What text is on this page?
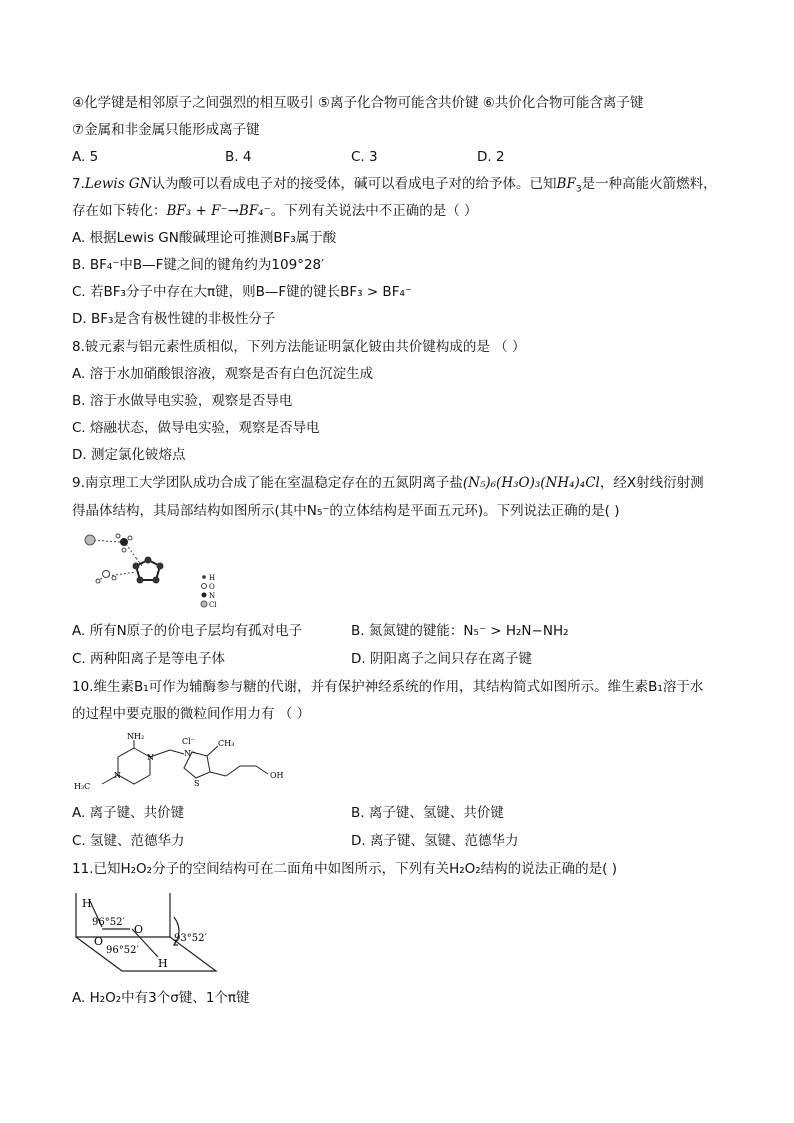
④化学键是相邻原子之间强烈的相互吸引 ⑤离子化合物可能含共价键 ⑥共价化合物可能含离子键
⑦金属和非金属只能形成离子键
A. 5	B. 4	C. 3	D. 2
7.Lewis GN认为酸可以看成电子对的接受体，碱可以看成电子对的给予体。已知$BF_3$是一种高能火箭燃料，
存在如下转化：BF₃ + F⁻→BF₄⁻。下列有关说法中不正确的是（ ）
A. 根据Lewis GN酸碱理论可推测BF₃属于酸
B. BF₄⁻中B—F键之间的键角约为109°28′
C. 若BF₃分子中存在大π键，则B—F键的键长BF₃ > BF₄⁻
D. BF₃是含有极性键的非极性分子
8.铍元素与铝元素性质相似，下列方法能证明氯化铍由共价键构成的是 （ ）
A. 溶于水加硝酸银溶液，观察是否有白色沉淀生成
B. 溶于水做导电实验，观察是否导电
C. 熔融状态，做导电实验，观察是否导电
D. 测定氯化铍熔点
9.南京理工大学团队成功合成了能在室温稳定存在的五氮阴离子盐(N₅)₆(H₃O)₃(NH₄)₄Cl，经X射线衍射测
得晶体结构，其局部结构如图所示(其中N₅⁻的立体结构是平面五元环)。下列说法正确的是( )
H
O
N
Cl
A. 所有N原子的价电子层均有孤对电子	B. 氮氮键的键能：N₅⁻ > H₂N−NH₂
C. 两种阳离子是等电子体	D. 阴阳离子之间只存在离子键
10.维生素B₁可作为辅酶参与糖的代谢，并有保护神经系统的作用，其结构简式如图所示。维生素B₁溶于水
的过程中要克服的微粒间作用力有 （ ）
NH₂
Cl⁻	CH₃
H₃C
N
N
N⁺
S
OH
A. 离子键、共价键	B. 离子键、氢键、共价键
C. 氢键、范德华力	D. 离子键、氢键、范德华力
11.已知H₂O₂分子的空间结构可在二面角中如图所示，下列有关H₂O₂结构的说法正确的是( )
H
96°52′
O
O
96°52′
93°52′
H
A. H₂O₂中有3个σ键、1个π键
